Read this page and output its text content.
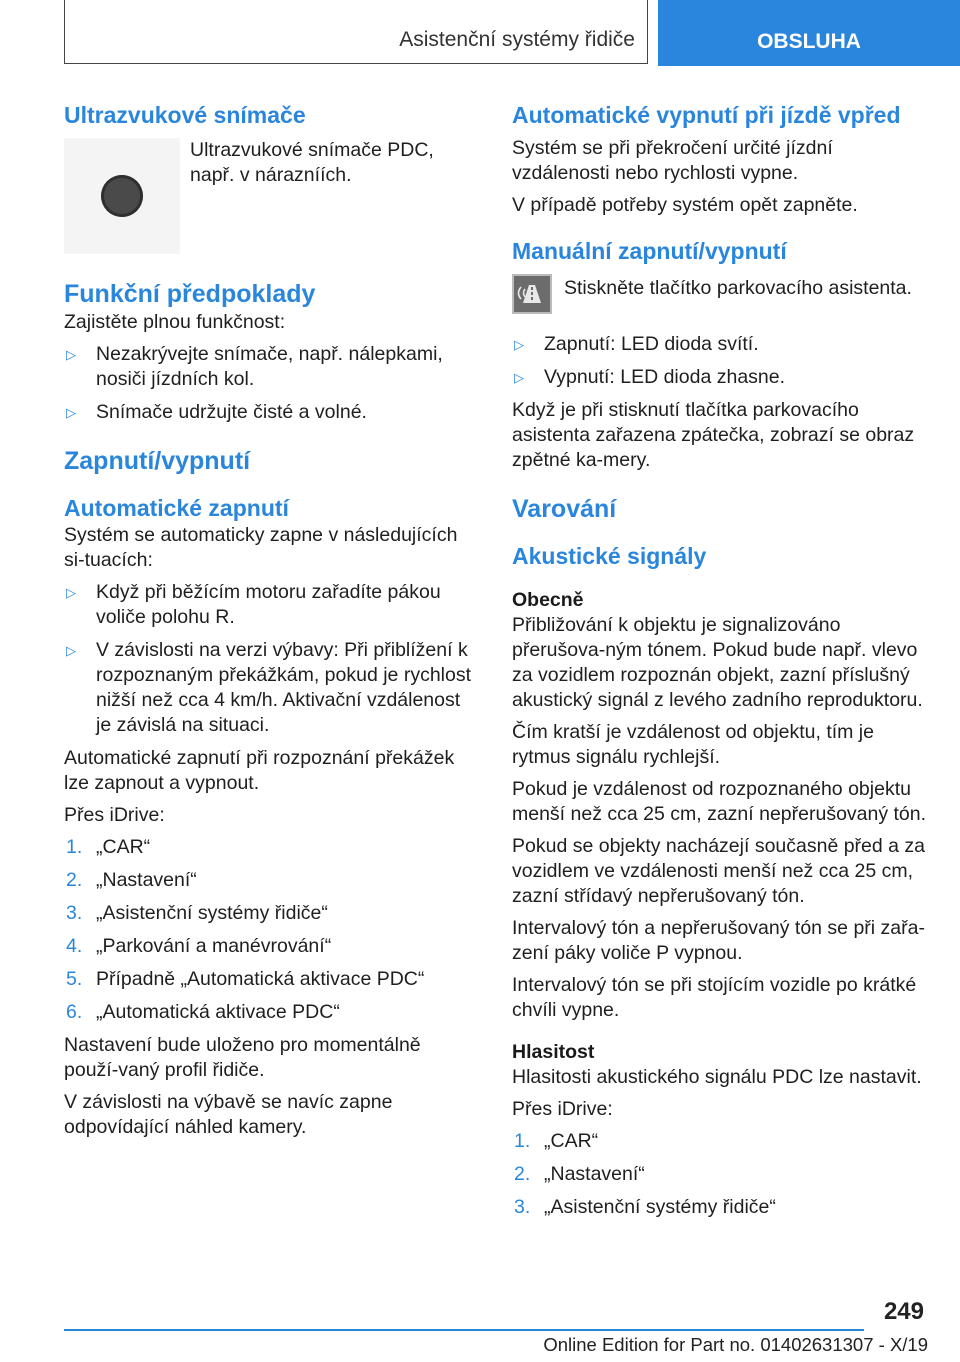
Asistenční systémy řidiče	OBSLUHA
Ultrazvukové snímače
Ultrazvukové snímače PDC, např. v nárazníích.
Funkční předpoklady

Zajistěte plnou funkčnost:

▷ Nezakrývejte snímače, např. nálepkami, nosiči jízdních kol.
▷ Snímače udržujte čisté a volné.
Zapnutí/vypnutí
Automatické zapnutí

Systém se automaticky zapne v následujících si-tuacích:

▷ Když při běžícím motoru zařadíte pákou voliče polohu R.
▷ V závislosti na verzi výbavy: Při přiblížení k rozpoznaným překážkám, pokud je rychlost nižší než cca 4 km/h. Aktivační vzdálenost je závislá na situaci.

Automatické zapnutí při rozpoznání překážek lze zapnout a vypnout.

Přes iDrive:

1. „CAR“
2. „Nastavení“
3. „Asistenční systémy řidiče“
4. „Parkování a manévrování“
5. Případně „Automatická aktivace PDC“
6. „Automatická aktivace PDC“

Nastavení bude uloženo pro momentálně použí-vaný profil řidiče.

V závislosti na výbavě se navíc zapne odpovídající náhled kamery.

Automatické vypnutí při jízdě vpřed

Systém se při překročení určité jízdní vzdálenosti nebo rychlosti vypne.

V případě potřeby systém opět zapněte.

Manuální zapnutí/vypnutí
Stiskněte tlačítko parkovacího asistenta.
▷ Zapnutí: LED dioda svítí.
▷ Vypnutí: LED dioda zhasne.

Když je při stisknutí tlačítka parkovacího asistenta zařazena zpátečka, zobrazí se obraz zpětné ka-mery.

Varování
Akustické signály
Obecně

Přibližování k objektu je signalizováno přerušova-ným tónem. Pokud bude např. vlevo za vozidlem rozpoznán objekt, zazní příslušný akustický signál z levého zadního reproduktoru.

Čím kratší je vzdálenost od objektu, tím je rytmus signálu rychlejší.

Pokud je vzdálenost od rozpoznaného objektu menší než cca 25 cm, zazní nepřerušovaný tón.

Pokud se objekty nacházejí současně před a za vozidlem ve vzdálenosti menší než cca 25 cm, zazní střídavý nepřerušovaný tón.

Intervalový tón a nepřerušovaný tón se při zařa-zení páky voliče P vypnou.

Intervalový tón se při stojícím vozidle po krátké chvíli vypne.

Hlasitost

Hlasitosti akustického signálu PDC lze nastavit.

Přes iDrive:

1. „CAR“
2. „Nastavení“
3. „Asistenční systémy řidiče“
249
Online Edition for Part no. 01402631307 - X/19
